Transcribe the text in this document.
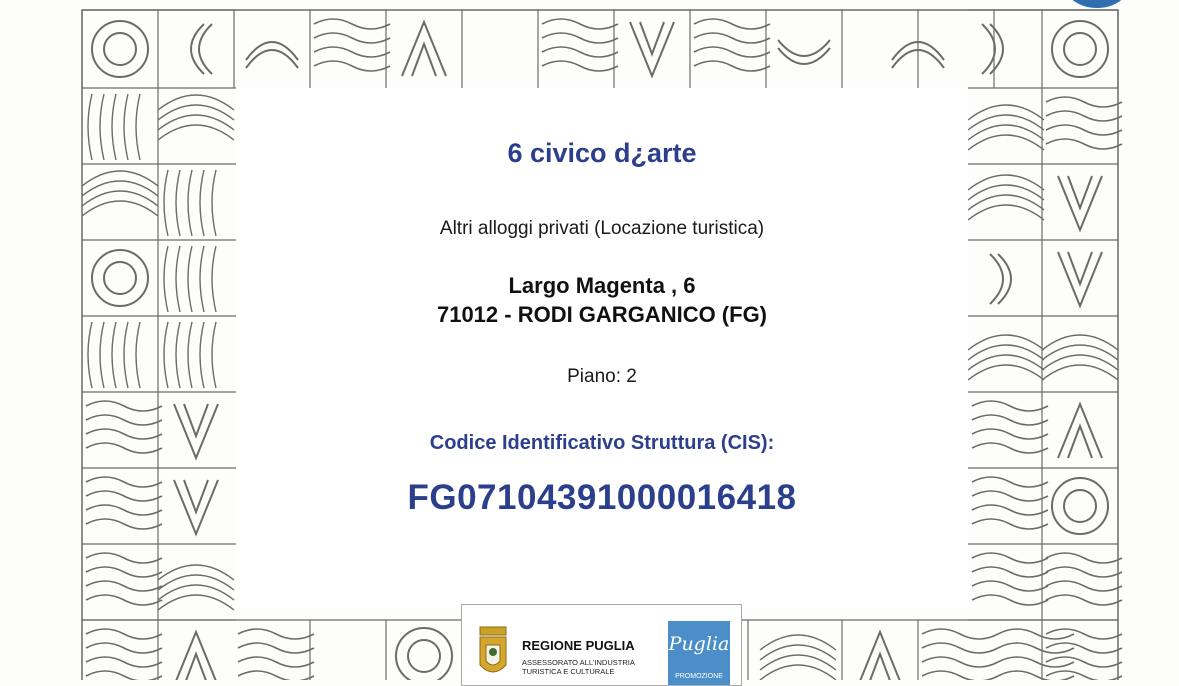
6 civico d¿arte

Altri alloggi privati (Locazione turistica)

Largo Magenta , 6
71012 - RODI GARGANICO (FG)

Piano: 2

Codice Identificativo Struttura (CIS):

FG07104391000016418

REGIONE PUGLIA

ASSESSORATO ALL'INDUSTRIA TURISTICA E CULTURALE

Puglia

PROMOZIONE
